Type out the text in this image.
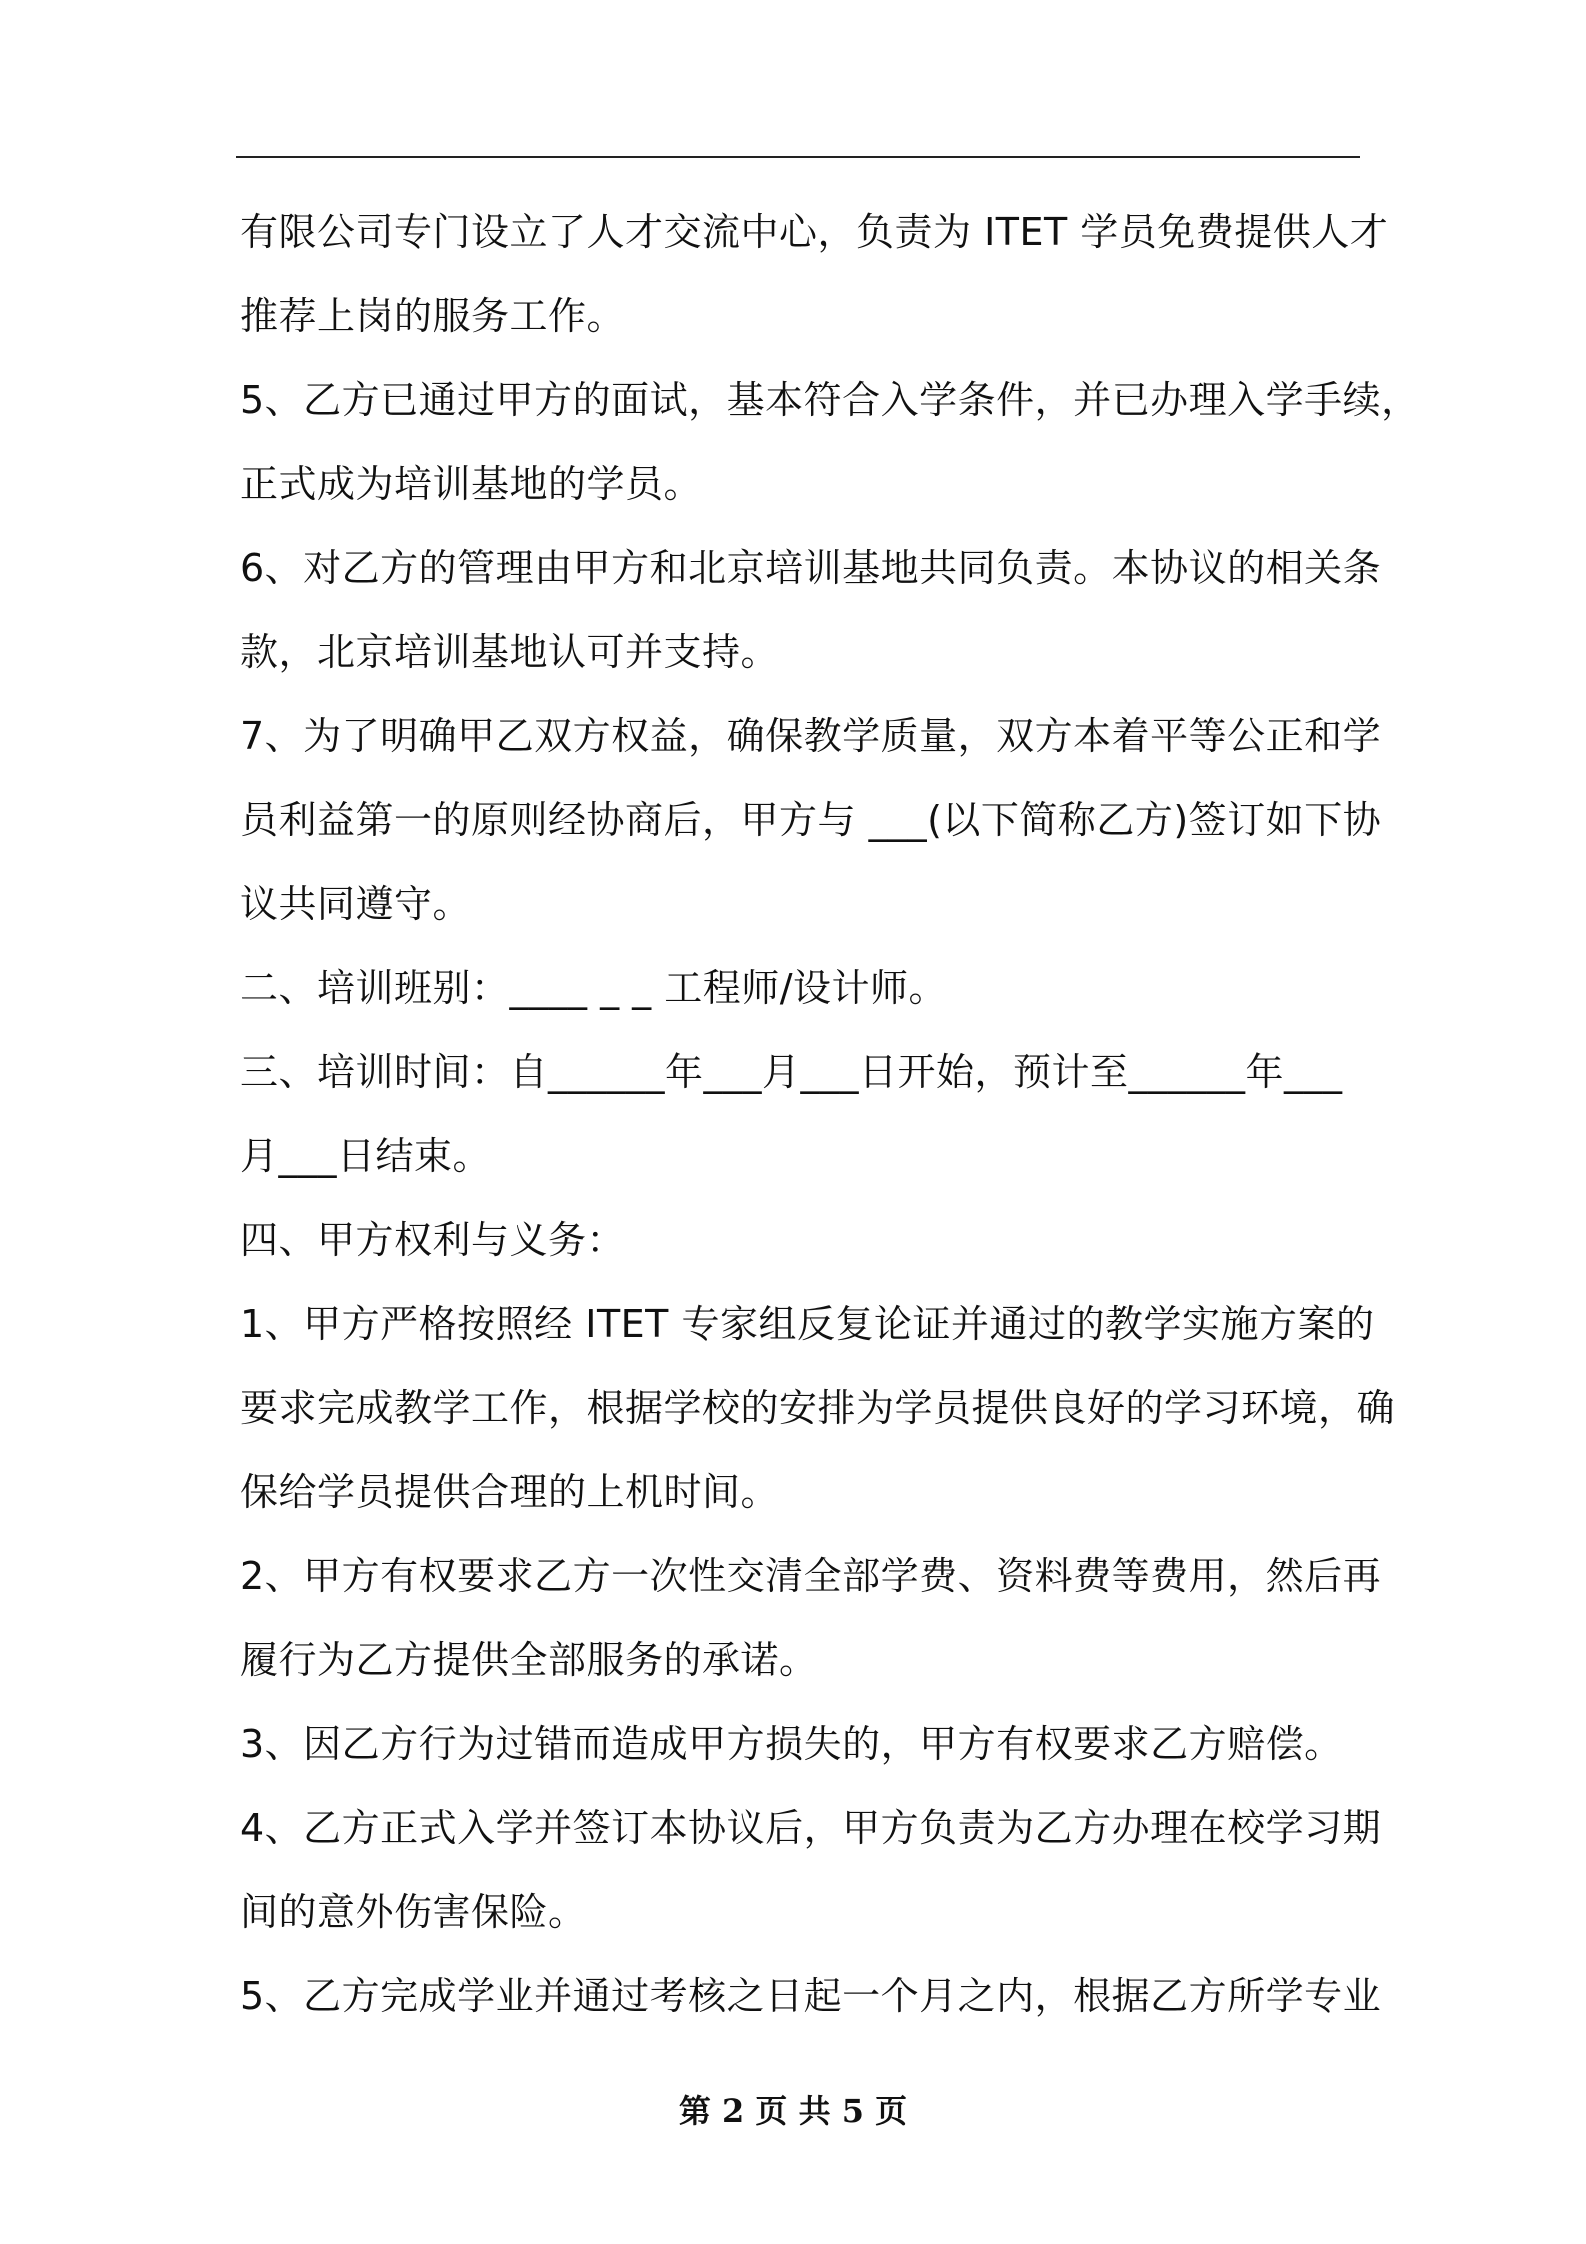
有限公司专门设立了人才交流中心，负责为 ITET 学员免费提供人才
推荐上岗的服务工作。
5、乙方已通过甲方的面试，基本符合入学条件，并已办理入学手续，
正式成为培训基地的学员。
6、对乙方的管理由甲方和北京培训基地共同负责。本协议的相关条
款，北京培训基地认可并支持。
7、为了明确甲乙双方权益，确保教学质量，双方本着平等公正和学
员利益第一的原则经协商后，甲方与 ___(以下简称乙方)签订如下协
议共同遵守。
二、培训班别：____ _ _ 工程师/设计师。
三、培训时间：自______年___月___日开始，预计至______年___
月___日结束。
四、甲方权利与义务：
1、甲方严格按照经 ITET 专家组反复论证并通过的教学实施方案的
要求完成教学工作，根据学校的安排为学员提供良好的学习环境，确
保给学员提供合理的上机时间。
2、甲方有权要求乙方一次性交清全部学费、资料费等费用，然后再
履行为乙方提供全部服务的承诺。
3、因乙方行为过错而造成甲方损失的，甲方有权要求乙方赔偿。
4、乙方正式入学并签订本协议后，甲方负责为乙方办理在校学习期
间的意外伤害保险。
5、乙方完成学业并通过考核之日起一个月之内，根据乙方所学专业
第 2 页 共 5 页
